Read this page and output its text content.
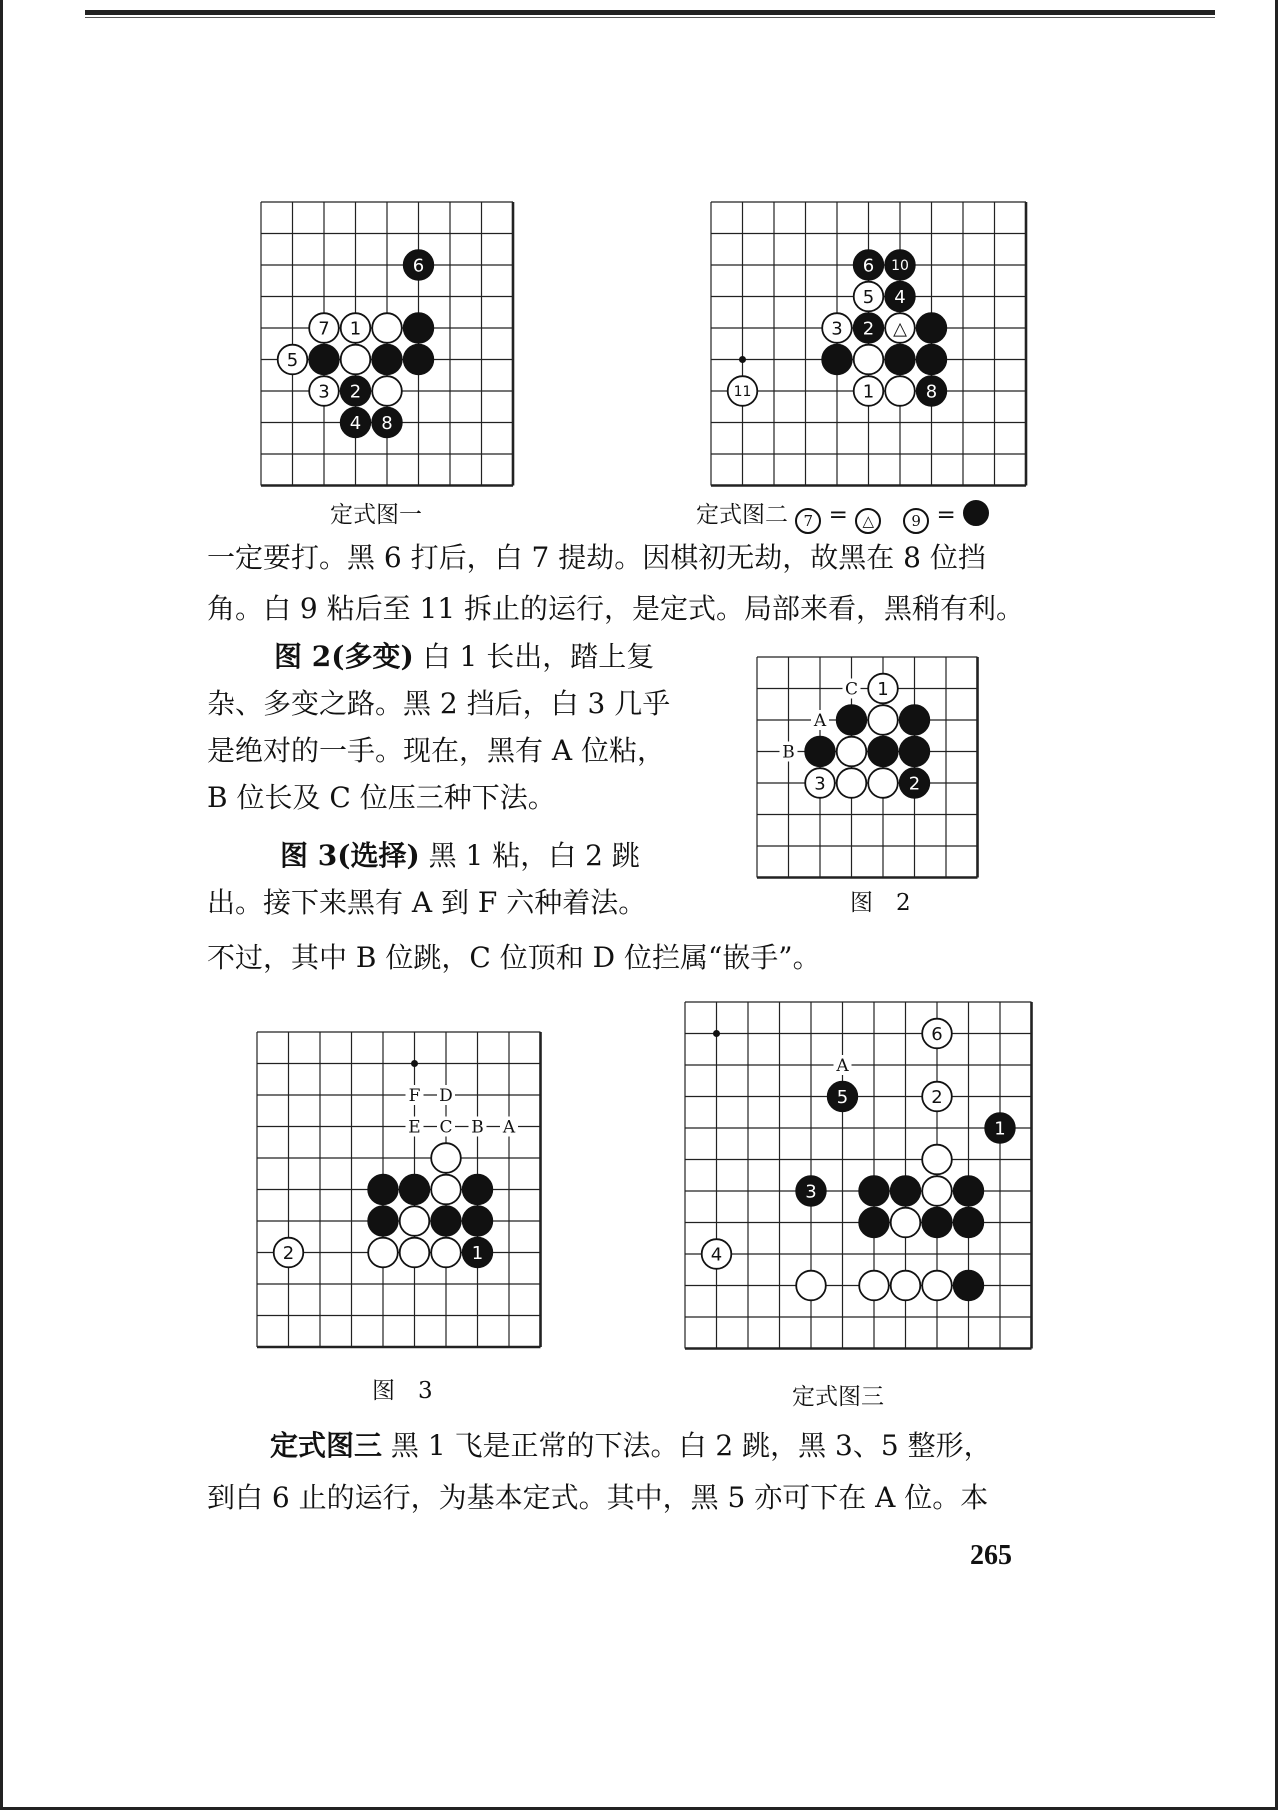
6
1
7
5
3 2
4 8
定式图一
6 10
5 4
3 2 △
11	1	8
定式图二 7 = △ 9 =
一定要打。黑 6 打后，白 7 提劫。因棋初无劫，故黑在 8 位挡
角。白 9 粘后至 11 拆止的运行，是定式。局部来看，黑稍有利。
图 2(多变) 白 1 长出，踏上复
杂、多变之路。黑 2 挡后，白 3 几乎
是绝对的一手。现在，黑有 A 位粘，
B 位长及 C 位压三种下法。
C
A
B
1
3	2
图　2
图 3(选择) 黑 1 粘，白 2 跳
出。接下来黑有 A 到 F 六种着法。
不过，其中 B 位跳，C 位顶和 D 位拦属“嵌手”。
F D
E C B A
2	1
图　3
A
6
5	2
1
3
4
定式图三
定式图三 黑 1 飞是正常的下法。白 2 跳，黑 3、5 整形，
到白 6 止的运行，为基本定式。其中，黑 5 亦可下在 A 位。本
265
